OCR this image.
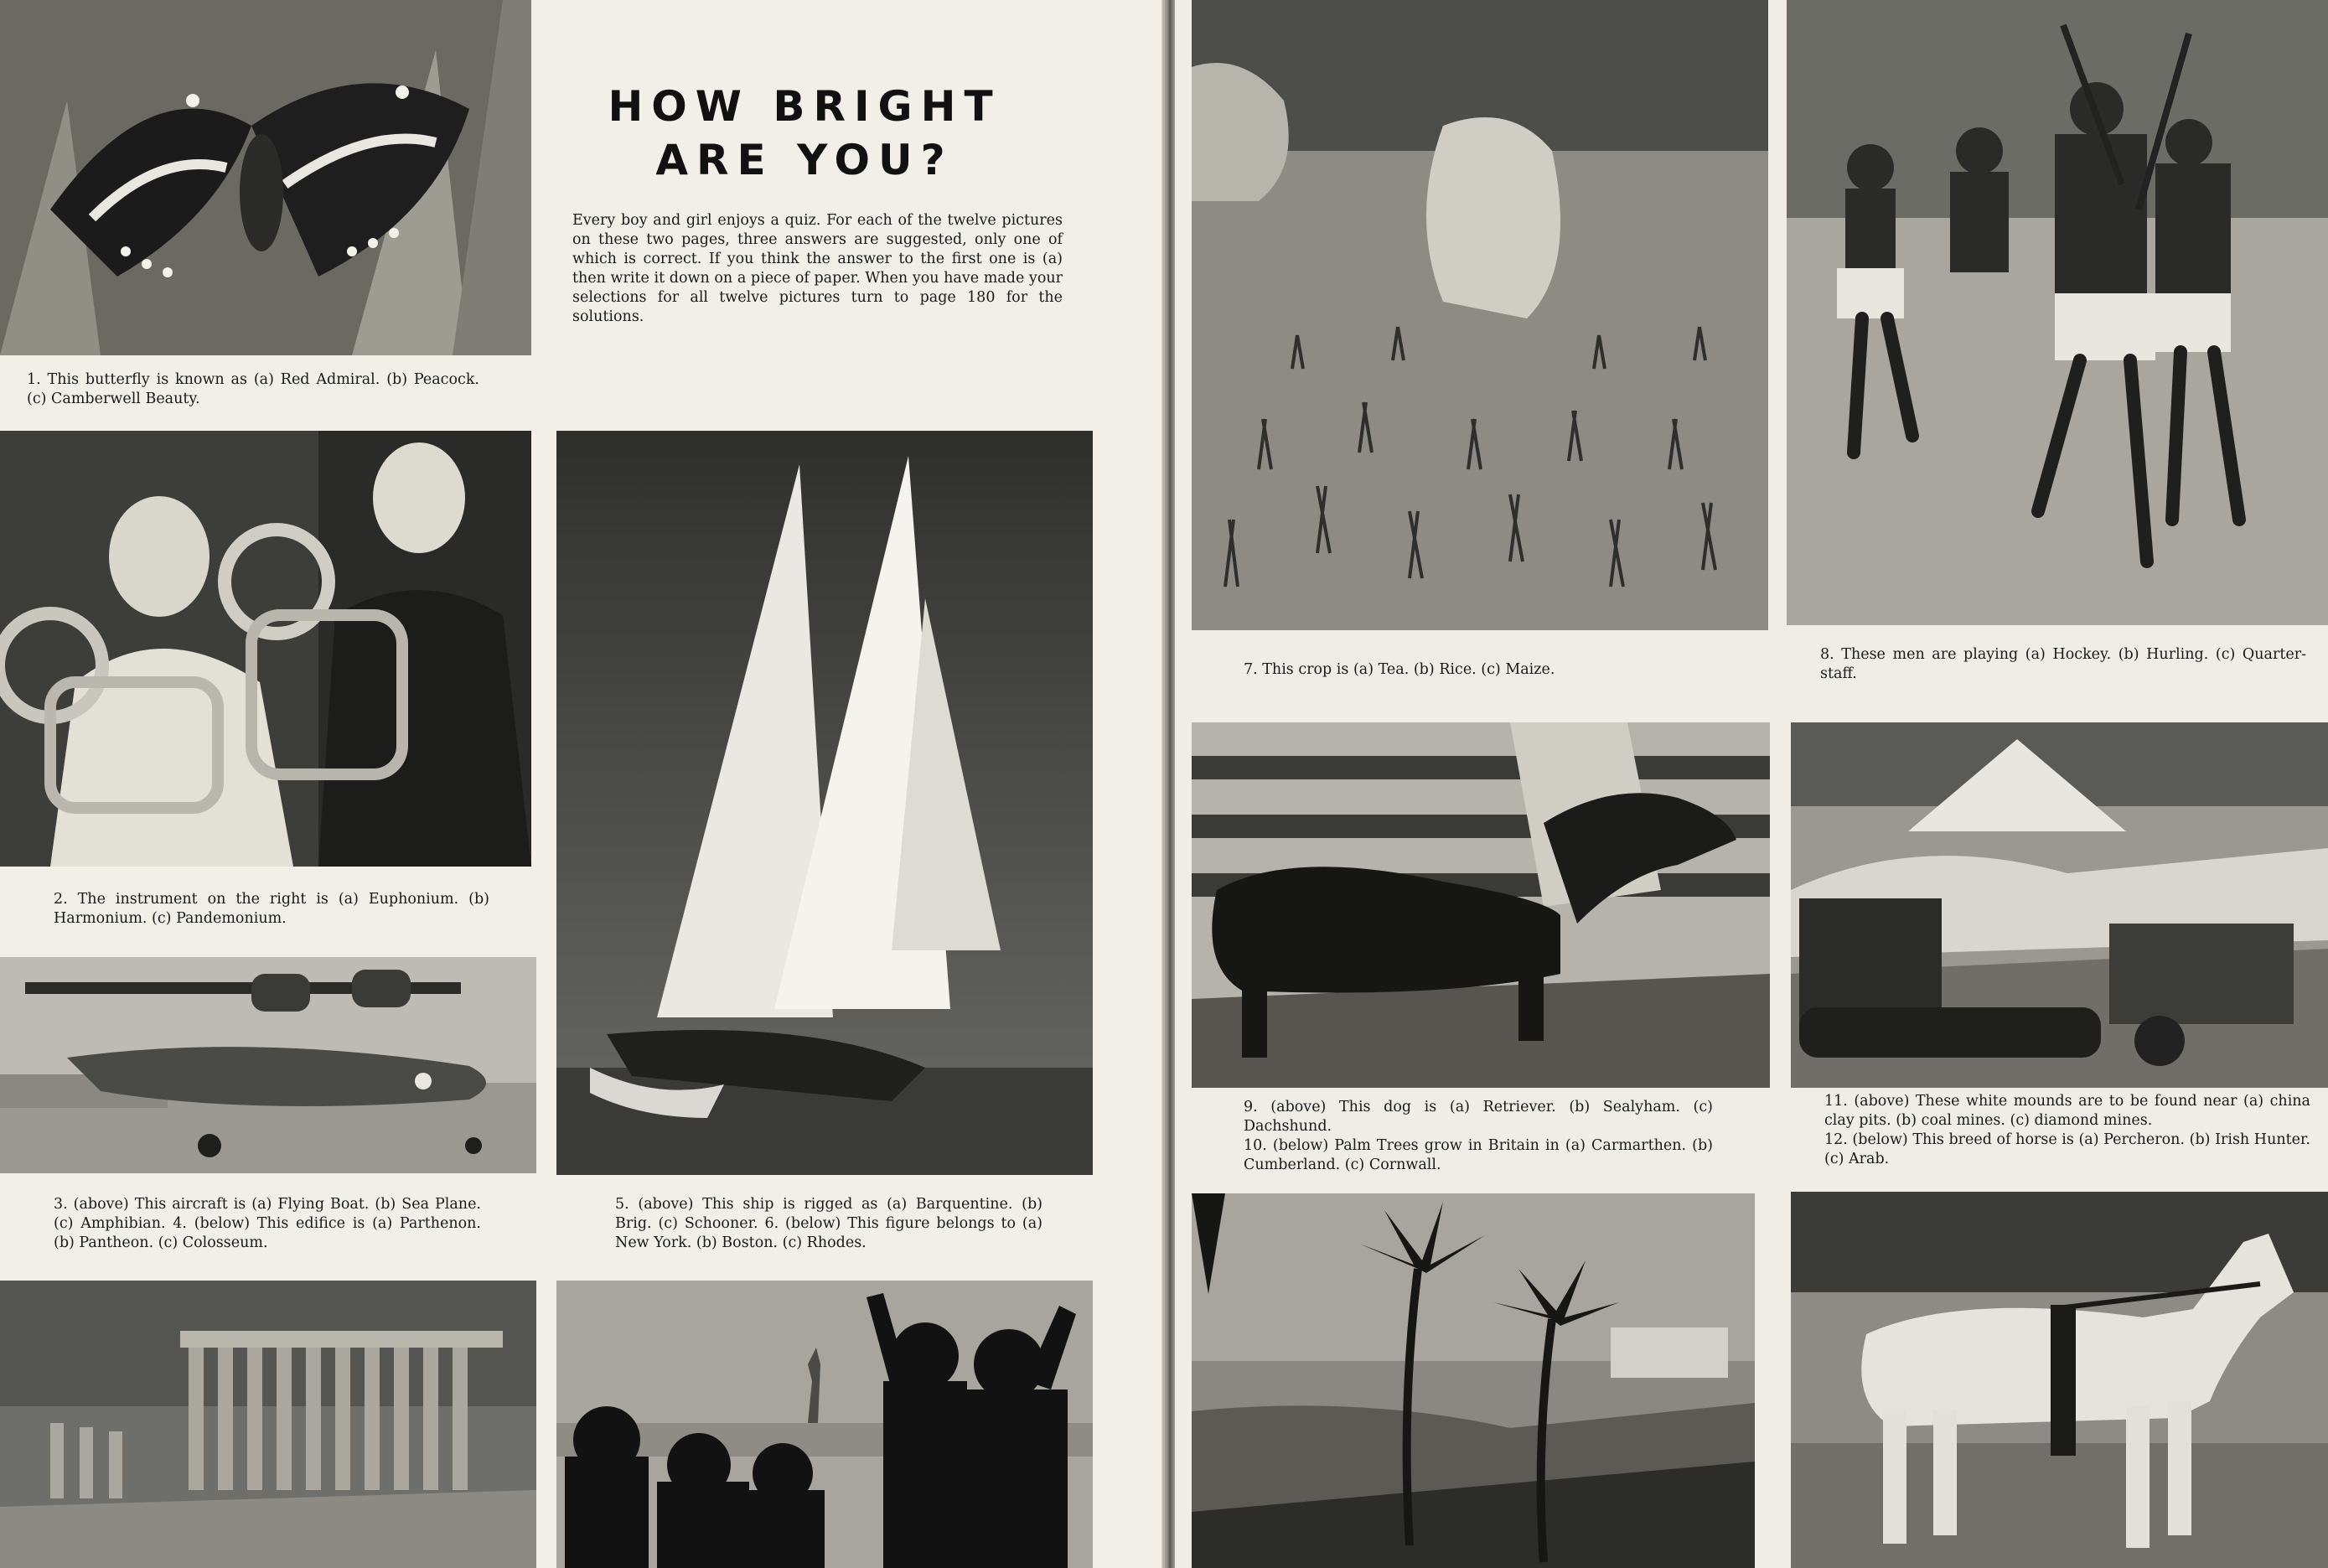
HOW BRIGHT
ARE YOU?
Every boy and girl enjoys a quiz. For each of the twelve pictures on these two pages, three answers are suggested, only one of which is correct. If you think the answer to the first one is (a) then write it down on a piece of paper. When you have made your selections for all twelve pictures turn to page 180 for the solutions.

1. This butterfly is known as (a) Red Admiral. (b) Peacock. (c) Camberwell Beauty.

2. The instrument on the right is (a) Euphonium. (b) Harmonium. (c) Pandemonium.

3. (above) This aircraft is (a) Flying Boat. (b) Sea Plane. (c) Amphibian. 4. (below) This edifice is (a) Parthenon. (b) Pantheon. (c) Colosseum.

5. (above) This ship is rigged as (a) Barquentine. (b) Brig. (c) Schooner. 6. (below) This figure belongs to (a) New York. (b) Boston. (c) Rhodes.

7. This crop is (a) Tea. (b) Rice. (c) Maize.

8. These men are playing (a) Hockey. (b) Hurling. (c) Quarter-staff.

9. (above) This dog is (a) Retriever. (b) Sealyham. (c) Dachshund.

10. (below) Palm Trees grow in Britain in (a) Carmarthen. (b) Cumberland. (c) Cornwall.

11. (above) These white mounds are to be found near (a) china clay pits. (b) coal mines. (c) diamond mines.

12. (below) This breed of horse is (a) Percheron. (b) Irish Hunter. (c) Arab.
